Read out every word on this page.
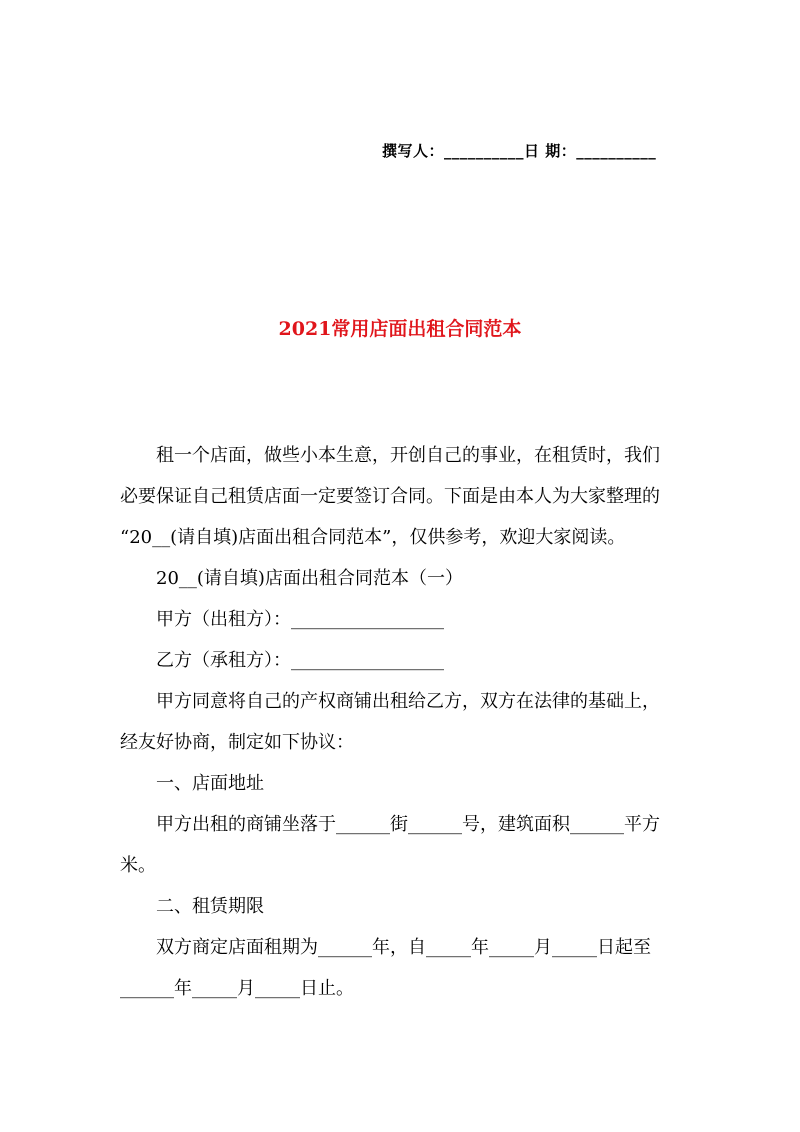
撰写人：__________日 期：__________
2021常用店面出租合同范本
租一个店面，做些小本生意，开创自己的事业，在租赁时，我们
必要保证自己租赁店面一定要签订合同。下面是由本人为大家整理的
“20__(请自填)店面出租合同范本”，仅供参考，欢迎大家阅读。
20__(请自填)店面出租合同范本（一）
甲方（出租方）：_________________
乙方（承租方）：_________________
甲方同意将自己的产权商铺出租给乙方，双方在法律的基础上，
经友好协商，制定如下协议：
一、店面地址
甲方出租的商铺坐落于______街______号，建筑面积______平方
米。
二、租赁期限
双方商定店面租期为______年，自_____年_____月_____日起至
______年_____月_____日止。
